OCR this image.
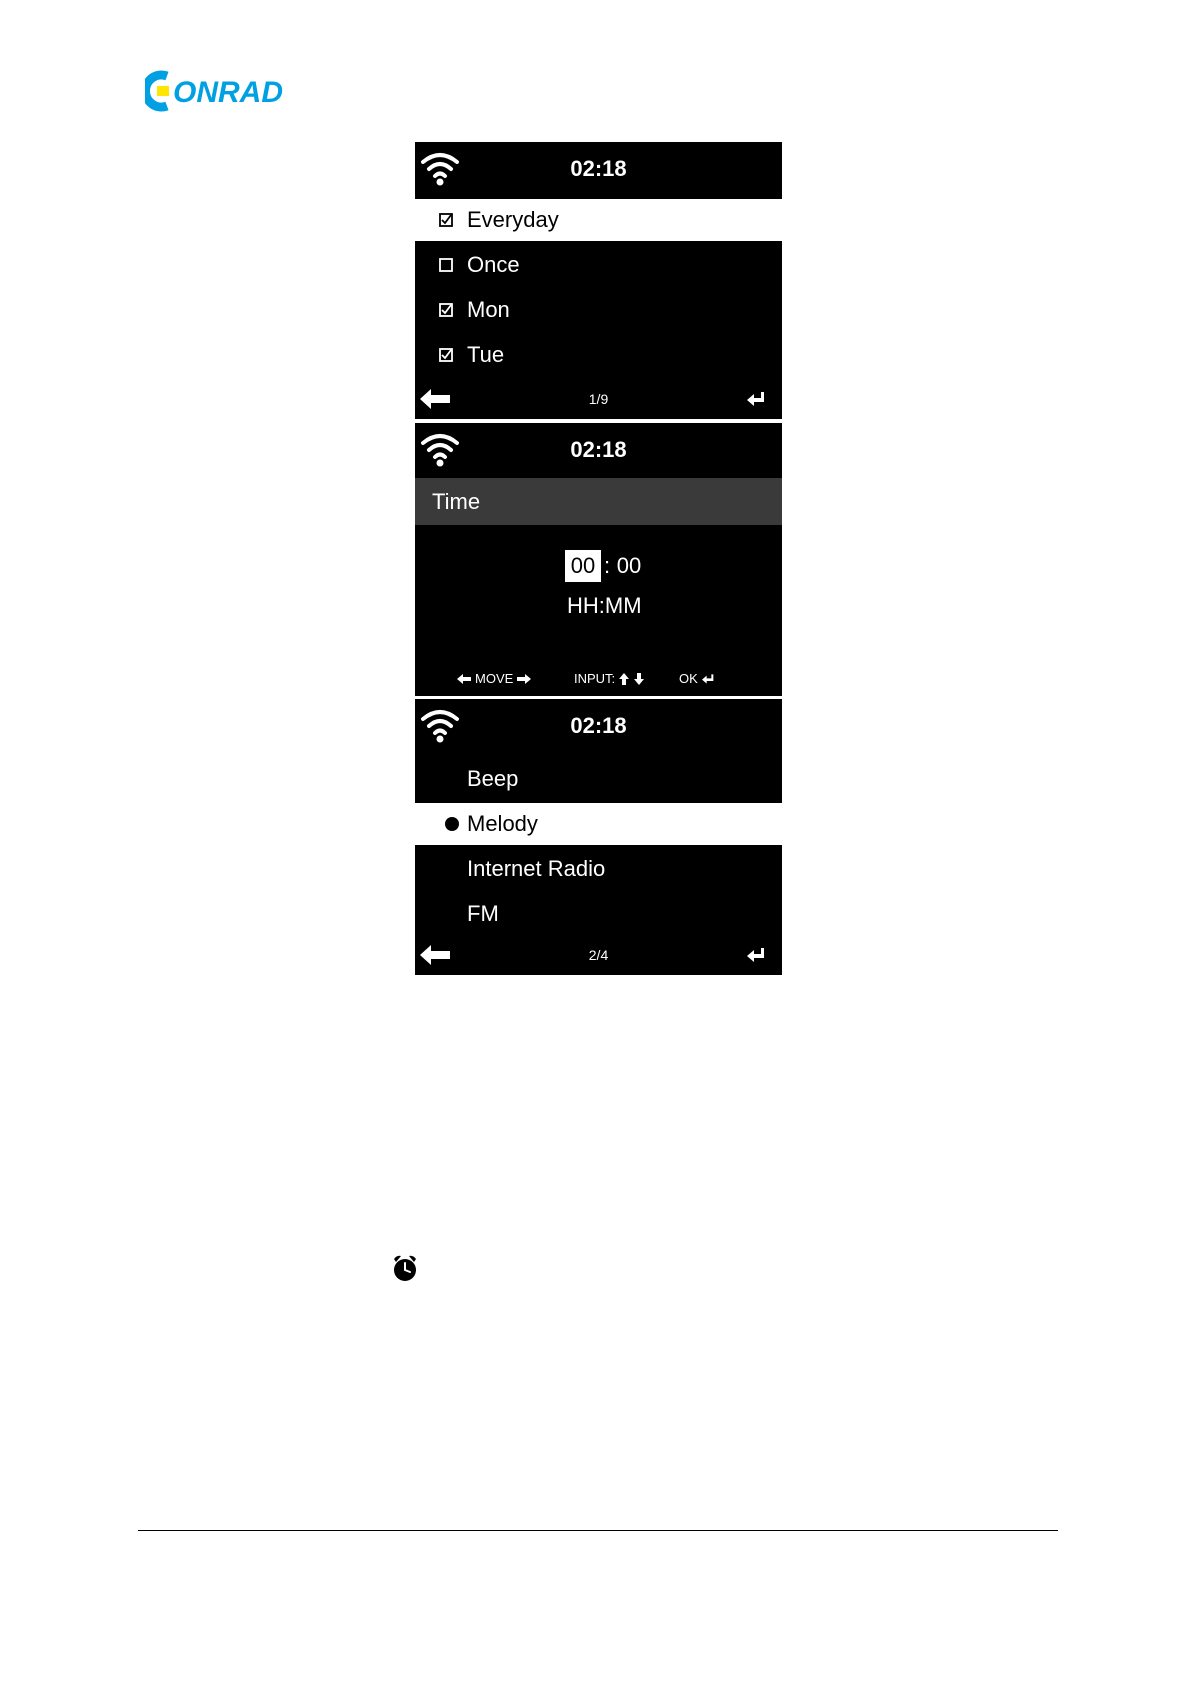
ONRAD
02:18
Everyday
Once
Mon
Tue
1/9
02:18
Time
00 : 00
HH:MM
MOVE	INPUT:	OK
02:18
Beep
Melody
Internet Radio
FM
2/4
